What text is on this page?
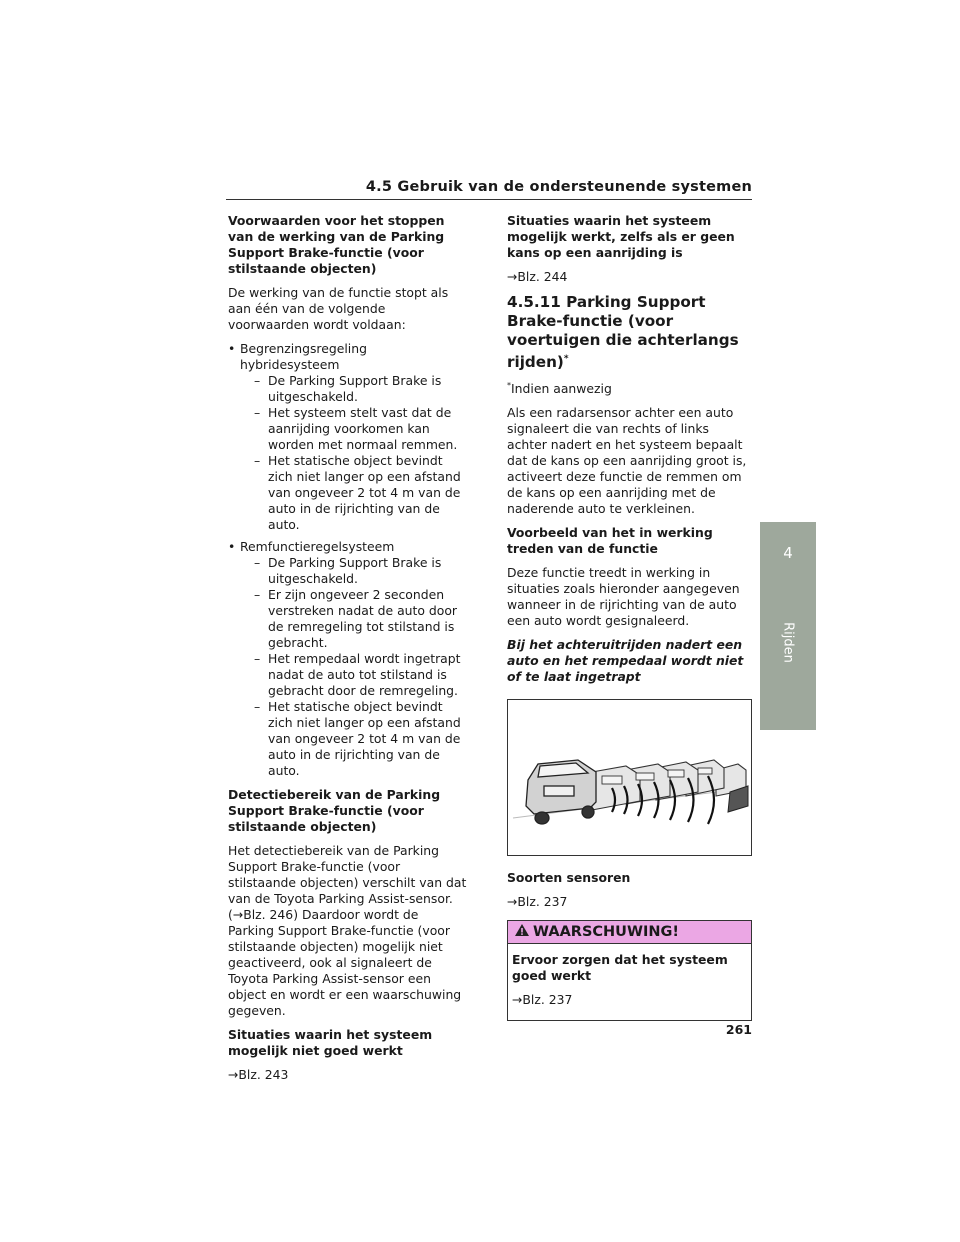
4.5 Gebruik van de ondersteunende systemen
4
Rijden
Voorwaarden voor het stoppen van de werking van de Parking Support Brake-functie (voor stilstaande objecten)

De werking van de functie stopt als aan één van de volgende voorwaarden wordt voldaan:

• Begrenzingsregeling hybridesysteem
– De Parking Support Brake is uitgeschakeld.
– Het systeem stelt vast dat de aanrijding voorkomen kan worden met normaal remmen.
– Het statische object bevindt zich niet langer op een afstand van ongeveer 2 tot 4 m van de auto in de rijrichting van de auto.
• Remfunctieregelsysteem
– De Parking Support Brake is uitgeschakeld.
– Er zijn ongeveer 2 seconden verstreken nadat de auto door de remregeling tot stilstand is gebracht.
– Het rempedaal wordt ingetrapt nadat de auto tot stilstand is gebracht door de remregeling.
– Het statische object bevindt zich niet langer op een afstand van ongeveer 2 tot 4 m van de auto in de rijrichting van de auto.
Detectiebereik van de Parking Support Brake-functie (voor stilstaande objecten)

Het detectiebereik van de Parking Support Brake-functie (voor stilstaande objecten) verschilt van dat van de Toyota Parking Assist-sensor. (→Blz. 246) Daardoor wordt de Parking Support Brake-functie (voor stilstaande objecten) mogelijk niet geactiveerd, ook al signaleert de Toyota Parking Assist-sensor een object en wordt er een waarschuwing gegeven.

Situaties waarin het systeem mogelijk niet goed werkt
→Blz. 243
Situaties waarin het systeem mogelijk werkt, zelfs als er geen kans op een aanrijding is
→Blz. 244
4.5.11 Parking Support Brake-functie (voor voertuigen die achterlangs rijden)*

*Indien aanwezig

Als een radarsensor achter een auto signaleert die van rechts of links achter nadert en het systeem bepaalt dat de kans op een aanrijding groot is, activeert deze functie de remmen om de kans op een aanrijding met de naderende auto te verkleinen.

Voorbeeld van het in werking treden van de functie

Deze functie treedt in werking in situaties zoals hieronder aangegeven wanneer in de rijrichting van de auto een auto wordt gesignaleerd.

Bij het achteruitrijden nadert een auto en het rempedaal wordt niet of te laat ingetrapt
Soorten sensoren
→Blz. 237
WAARSCHUWING!
Ervoor zorgen dat het systeem goed werkt
→Blz. 237
261
